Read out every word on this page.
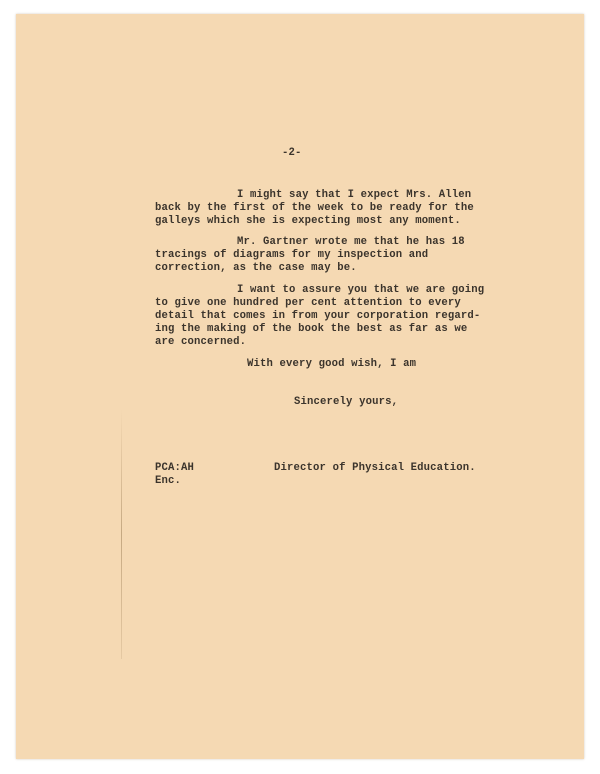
-2-

I might say that I expect Mrs. Allen

back by the first of the week to be ready for the

galleys which she is expecting most any moment.

Mr. Gartner wrote me that he has 18

tracings of diagrams for my inspection and

correction, as the case may be.

I want to assure you that we are going

to give one hundred per cent attention to every

detail that comes in from your corporation regard-

ing the making of the book the best as far as we

are concerned.

With every good wish, I am

Sincerely yours,

PCA:AH

Enc.

Director of Physical Education.
